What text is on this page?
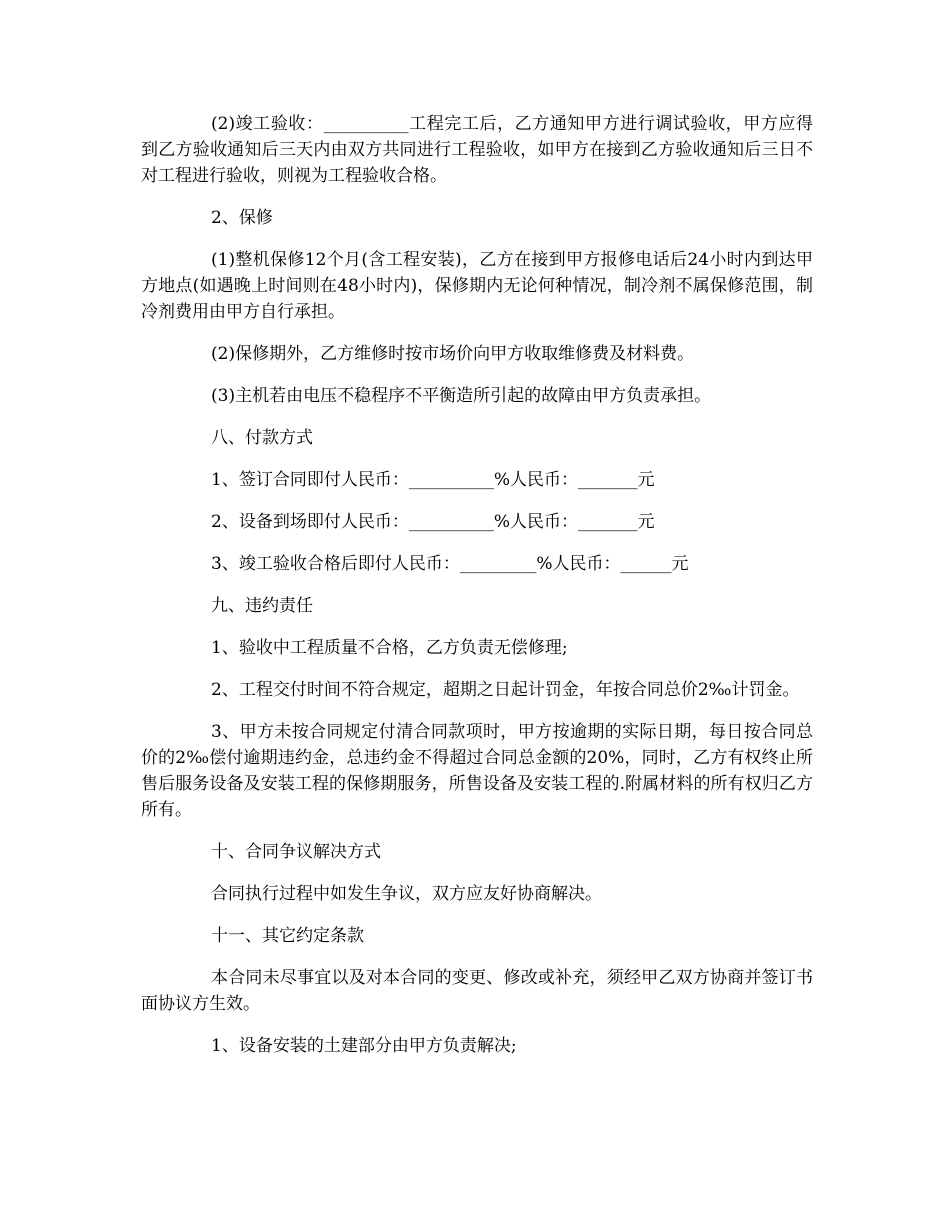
(2)竣工验收：__________工程完工后，乙方通知甲方进行调试验收，甲方应得到乙方验收通知后三天内由双方共同进行工程验收，如甲方在接到乙方验收通知后三日不对工程进行验收，则视为工程验收合格。

2、保修

(1)整机保修12个月(含工程安装)，乙方在接到甲方报修电话后24小时内到达甲方地点(如遇晚上时间则在48小时内)，保修期内无论何种情况，制冷剂不属保修范围，制冷剂费用由甲方自行承担。

(2)保修期外，乙方维修时按市场价向甲方收取维修费及材料费。

(3)主机若由电压不稳程序不平衡造所引起的故障由甲方负责承担。

八、付款方式

1、签订合同即付人民币：__________%人民币：_______元

2、设备到场即付人民币：__________%人民币：_______元

3、竣工验收合格后即付人民币：_________%人民币：______元

九、违约责任

1、验收中工程质量不合格，乙方负责无偿修理;

2、工程交付时间不符合规定，超期之日起计罚金，年按合同总价2‰计罚金。

3、甲方未按合同规定付清合同款项时，甲方按逾期的实际日期，每日按合同总价的2‰偿付逾期违约金，总违约金不得超过合同总金额的20%，同时，乙方有权终止所售后服务设备及安装工程的保修期服务，所售设备及安装工程的.附属材料的所有权归乙方所有。

十、合同争议解决方式

合同执行过程中如发生争议，双方应友好协商解决。

十一、其它约定条款

本合同未尽事宜以及对本合同的变更、修改或补充，须经甲乙双方协商并签订书面协议方生效。

1、设备安装的土建部分由甲方负责解决;
